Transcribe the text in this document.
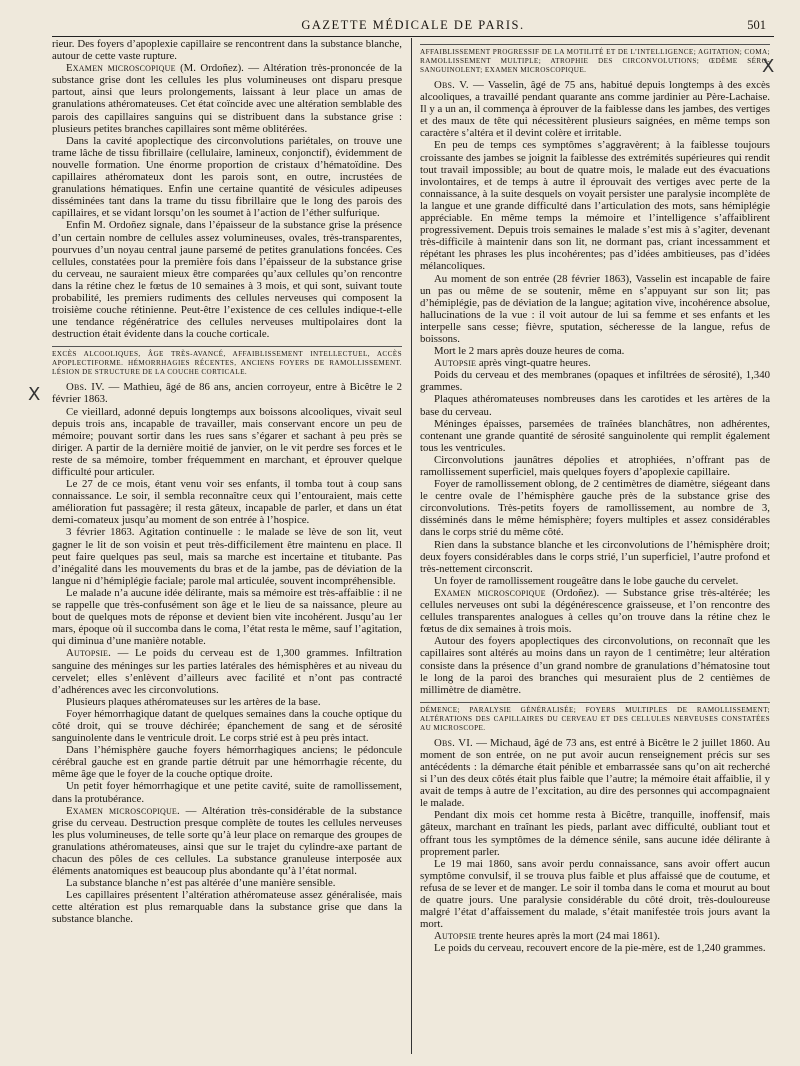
GAZETTE MÉDICALE DE PARIS.	501

rieur. Des foyers d’apoplexie capillaire se rencontrent dans la substance blanche, autour de cette vaste rupture.

Examen microscopique (M. Ordoñez). — Altération très-prononcée de la substance grise dont les cellules les plus volumineuses ont disparu presque partout, ainsi que leurs prolongements, laissant à leur place un amas de granulations athéromateuses. Cet état coïncide avec une altération semblable des parois des capillaires sanguins qui se distribuent dans la substance grise : plusieurs petites branches capillaires sont même oblitérées.

Dans la cavité apoplectique des circonvolutions pariétales, on trouve une trame lâche de tissu fibrillaire (cellulaire, lamineux, conjonctif), évidemment de nouvelle formation. Une énorme proportion de cristaux d’hématoïdine. Des capillaires athéromateux dont les parois sont, en outre, incrustées de granulations hématiques. Enfin une certaine quantité de vésicules adipeuses disséminées tant dans la trame du tissu fibrillaire que le long des parois des capillaires, et se vidant lorsqu’on les soumet à l’action de l’éther sulfurique.

Enfin M. Ordoñez signale, dans l’épaisseur de la substance grise la présence d’un certain nombre de cellules assez volumineuses, ovales, très-transparentes, pourvues d’un noyau central jaune parsemé de petites granulations foncées. Ces cellules, constatées pour la première fois dans l’épaisseur de la substance grise du cerveau, ne sauraient mieux être comparées qu’aux cellules qu’on rencontre dans la rétine chez le fœtus de 10 semaines à 3 mois, et qui sont, suivant toute probabilité, les premiers rudiments des cellules nerveuses qui composent la troisième couche rétinienne. Peut-être l’existence de ces cellules indique-t-elle une tendance régénératrice des cellules nerveuses multipolaires dont la destruction était évidente dans la couche corticale.

EXCÈS ALCOOLIQUES, ÂGE TRÈS-AVANCÉ, AFFAIBLISSEMENT INTELLECTUEL, ACCÈS APOPLECTIFORME. HÉMORRHAGIES RÉCENTES, ANCIENS FOYERS DE RAMOLLISSEMENT. LÉSION DE STRUCTURE DE LA COUCHE CORTICALE.

Obs. IV. — Mathieu, âgé de 86 ans, ancien corroyeur, entre à Bicêtre le 2 février 1863.

Ce vieillard, adonné depuis longtemps aux boissons alcooliques, vivait seul depuis trois ans, incapable de travailler, mais conservant encore un peu de mémoire; pouvant sortir dans les rues sans s’égarer et sachant à peu près se diriger. A partir de la dernière moitié de janvier, on le vit perdre ses forces et le reste de sa mémoire, tomber fréquemment en marchant, et éprouver quelque difficulté pour articuler.

Le 27 de ce mois, étant venu voir ses enfants, il tomba tout à coup sans connaissance. Le soir, il sembla reconnaître ceux qui l’entouraient, mais cette amélioration fut passagère; il resta gâteux, incapable de parler, et dans un état demi-comateux jusqu’au moment de son entrée à l’hospice.

3 février 1863. Agitation continuelle : le malade se lève de son lit, veut gagner le lit de son voisin et peut très-difficilement être maintenu en place. Il peut faire quelques pas seul, mais sa marche est incertaine et titubante. Pas d’inégalité dans les mouvements du bras et de la jambe, pas de déviation de la langue ni d’hémiplégie faciale; parole mal articulée, souvent incompréhensible.

Le malade n’a aucune idée délirante, mais sa mémoire est très-affaiblie : il ne se rappelle que très-confusément son âge et le lieu de sa naissance, pleure au bout de quelques mots de réponse et devient bien vite incohérent. Jusqu’au 1er mars, époque où il succomba dans le coma, l’état resta le même, sauf l’agitation, qui diminua d’une manière notable.

Autopsie. — Le poids du cerveau est de 1,300 grammes. Infiltration sanguine des méninges sur les parties latérales des hémisphères et au niveau du cervelet; elles s’enlèvent d’ailleurs avec facilité et n’ont pas contracté d’adhérences avec les circonvolutions.

Plusieurs plaques athéromateuses sur les artères de la base.

Foyer hémorrhagique datant de quelques semaines dans la couche optique du côté droit, qui se trouve déchirée; épanchement de sang et de sérosité sanguinolente dans le ventricule droit. Le corps strié est à peu près intact.

Dans l’hémisphère gauche foyers hémorrhagiques anciens; le pédoncule cérébral gauche est en grande partie détruit par une hémorrhagie récente, du même âge que le foyer de la couche optique droite.

Un petit foyer hémorrhagique et une petite cavité, suite de ramollissement, dans la protubérance.

Examen microscopique. — Altération très-considérable de la substance grise du cerveau. Destruction presque complète de toutes les cellules nerveuses les plus volumineuses, de telle sorte qu’à leur place on remarque des groupes de granulations athéromateuses, ainsi que sur le trajet du cylindre-axe partant de chacun des pôles de ces cellules. La substance granuleuse interposée aux éléments anatomiques est beaucoup plus abondante qu’à l’état normal.

La substance blanche n’est pas altérée d’une manière sensible.

Les capillaires présentent l’altération athéromateuse assez généralisée, mais cette altération est plus remarquable dans la substance grise que dans la substance blanche.

AFFAIBLISSEMENT PROGRESSIF DE LA MOTILITÉ ET DE L’INTELLIGENCE; AGITATION; COMA; RAMOLLISSEMENT MULTIPLE; ATROPHIE DES CIRCONVOLUTIONS; ŒDÈME SÉRO-SANGUINOLENT; EXAMEN MICROSCOPIQUE.

Obs. V. — Vasselin, âgé de 75 ans, habitué depuis longtemps à des excès alcooliques, a travaillé pendant quarante ans comme jardinier au Père-Lachaise. Il y a un an, il commença à éprouver de la faiblesse dans les jambes, des vertiges et des maux de tête qui nécessitèrent plusieurs saignées, en même temps son caractère s’altéra et il devint colère et irritable.

En peu de temps ces symptômes s’aggravèrent; à la faiblesse toujours croissante des jambes se joignit la faiblesse des extrémités supérieures qui rendit tout travail impossible; au bout de quatre mois, le malade eut des évacuations involontaires, et de temps à autre il éprouvait des vertiges avec perte de la connaissance, à la suite desquels on voyait persister une paralysie incomplète de la langue et une grande difficulté dans l’articulation des mots, sans hémiplégie appréciable. En même temps la mémoire et l’intelligence s’affaiblirent progressivement. Depuis trois semaines le malade s’est mis à s’agiter, devenant très-difficile à maintenir dans son lit, ne dormant pas, criant incessamment et répétant les phrases les plus incohérentes; pas d’idées ambitieuses, pas d’idées mélancoliques.

Au moment de son entrée (28 février 1863), Vasselin est incapable de faire un pas ou même de se soutenir, même en s’appuyant sur son lit; pas d’hémiplégie, pas de déviation de la langue; agitation vive, incohérence absolue, hallucinations de la vue : il voit autour de lui sa femme et ses enfants et les interpelle sans cesse; fièvre, sputation, sécheresse de la langue, refus de boissons.

Mort le 2 mars après douze heures de coma.

Autopsie après vingt-quatre heures.

Poids du cerveau et des membranes (opaques et infiltrées de sérosité), 1,340 grammes.

Plaques athéromateuses nombreuses dans les carotides et les artères de la base du cerveau.

Méninges épaisses, parsemées de traînées blanchâtres, non adhérentes, contenant une grande quantité de sérosité sanguinolente qui remplit également tous les ventricules.

Circonvolutions jaunâtres dépolies et atrophiées, n’offrant pas de ramollissement superficiel, mais quelques foyers d’apoplexie capillaire.

Foyer de ramollissement oblong, de 2 centimètres de diamètre, siégeant dans le centre ovale de l’hémisphère gauche près de la substance grise des circonvolutions. Très-petits foyers de ramollissement, au nombre de 3, disséminés dans le même hémisphère; foyers multiples et assez considérables dans le corps strié du même côté.

Rien dans la substance blanche et les circonvolutions de l’hémisphère droit; deux foyers considérables dans le corps strié, l’un superficiel, l’autre profond et très-nettement circonscrit.

Un foyer de ramollissement rougeâtre dans le lobe gauche du cervelet.

Examen microscopique (Ordoñez). — Substance grise très-altérée; les cellules nerveuses ont subi la dégénérescence graisseuse, et l’on rencontre des cellules transparentes analogues à celles qu’on trouve dans la rétine chez le fœtus de dix semaines à trois mois.

Autour des foyers apoplectiques des circonvolutions, on reconnaît que les capillaires sont altérés au moins dans un rayon de 1 centimètre; leur altération consiste dans la présence d’un grand nombre de granulations d’hématosine tout le long de la paroi des branches qui mesuraient plus de 2 centièmes de millimètre de diamètre.

DÉMENCE; PARALYSIE GÉNÉRALISÉE; FOYERS MULTIPLES DE RAMOLLISSEMENT; ALTÉRATIONS DES CAPILLAIRES DU CERVEAU ET DES CELLULES NERVEUSES CONSTATÉES AU MICROSCOPE.

Obs. VI. — Michaud, âgé de 73 ans, est entré à Bicêtre le 2 juillet 1860. Au moment de son entrée, on ne put avoir aucun renseignement précis sur ses antécédents : la démarche était pénible et embarrassée sans qu’on ait recherché si l’un des deux côtés était plus faible que l’autre; la mémoire était affaiblie, il y avait de temps à autre de l’excitation, au dire des personnes qui accompagnaient le malade.

Pendant dix mois cet homme resta à Bicêtre, tranquille, inoffensif, mais gâteux, marchant en traînant les pieds, parlant avec difficulté, oubliant tout et offrant tous les symptômes de la démence sénile, sans aucune idée délirante à proprement parler.

Le 19 mai 1860, sans avoir perdu connaissance, sans avoir offert aucun symptôme convulsif, il se trouva plus faible et plus affaissé que de coutume, et refusa de se lever et de manger. Le soir il tomba dans le coma et mourut au bout de quatre jours. Une paralysie considérable du côté droit, très-douloureuse malgré l’état d’affaissement du malade, s’était manifestée trois jours avant la mort.

Autopsie trente heures après la mort (24 mai 1861).

Le poids du cerveau, recouvert encore de la pie-mère, est de 1,240 grammes.

X
X
